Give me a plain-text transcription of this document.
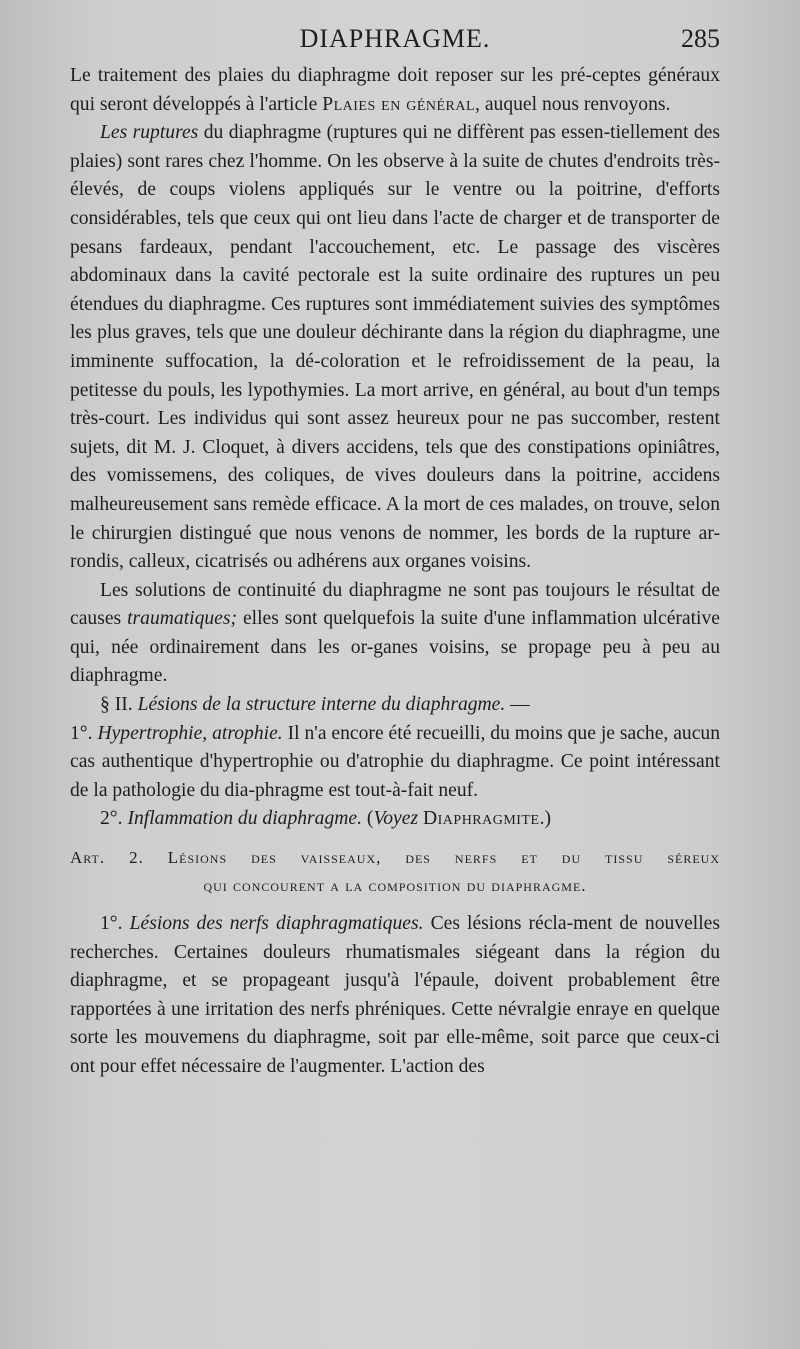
DIAPHRAGME.	285

Le traitement des plaies du diaphragme doit reposer sur les pré-ceptes généraux qui seront développés à l'article Plaies en général, auquel nous renvoyons.

Les ruptures du diaphragme (ruptures qui ne diffèrent pas essen-tiellement des plaies) sont rares chez l'homme. On les observe à la suite de chutes d'endroits très-élevés, de coups violens appliqués sur le ventre ou la poitrine, d'efforts considérables, tels que ceux qui ont lieu dans l'acte de charger et de transporter de pesans fardeaux, pendant l'accouchement, etc. Le passage des viscères abdominaux dans la cavité pectorale est la suite ordinaire des ruptures un peu étendues du diaphragme. Ces ruptures sont immédiatement suivies des symptômes les plus graves, tels que une douleur déchirante dans la région du diaphragme, une imminente suffocation, la dé-coloration et le refroidissement de la peau, la petitesse du pouls, les lypothymies. La mort arrive, en général, au bout d'un temps très-court. Les individus qui sont assez heureux pour ne pas succomber, restent sujets, dit M. J. Cloquet, à divers accidens, tels que des constipations opiniâtres, des vomissemens, des coliques, de vives douleurs dans la poitrine, accidens malheureusement sans remède efficace. A la mort de ces malades, on trouve, selon le chirurgien distingué que nous venons de nommer, les bords de la rupture ar-rondis, calleux, cicatrisés ou adhérens aux organes voisins.

Les solutions de continuité du diaphragme ne sont pas toujours le résultat de causes traumatiques; elles sont quelquefois la suite d'une inflammation ulcérative qui, née ordinairement dans les or-ganes voisins, se propage peu à peu au diaphragme.

§ II. Lésions de la structure interne du diaphragme. —

1°. Hypertrophie, atrophie. Il n'a encore été recueilli, du moins que je sache, aucun cas authentique d'hypertrophie ou d'atrophie du diaphragme. Ce point intéressant de la pathologie du dia-phragme est tout-à-fait neuf.

2°. Inflammation du diaphragme. (Voyez Diaphragmite.)

Art. 2. Lésions des vaisseaux, des nerfs et du tissu séreux
qui concourent a la composition du diaphragme.

1°. Lésions des nerfs diaphragmatiques. Ces lésions récla-ment de nouvelles recherches. Certaines douleurs rhumatismales siégeant dans la région du diaphragme, et se propageant jusqu'à l'épaule, doivent probablement être rapportées à une irritation des nerfs phréniques. Cette névralgie enraye en quelque sorte les mouvemens du diaphragme, soit par elle-même, soit parce que ceux-ci ont pour effet nécessaire de l'augmenter. L'action des
